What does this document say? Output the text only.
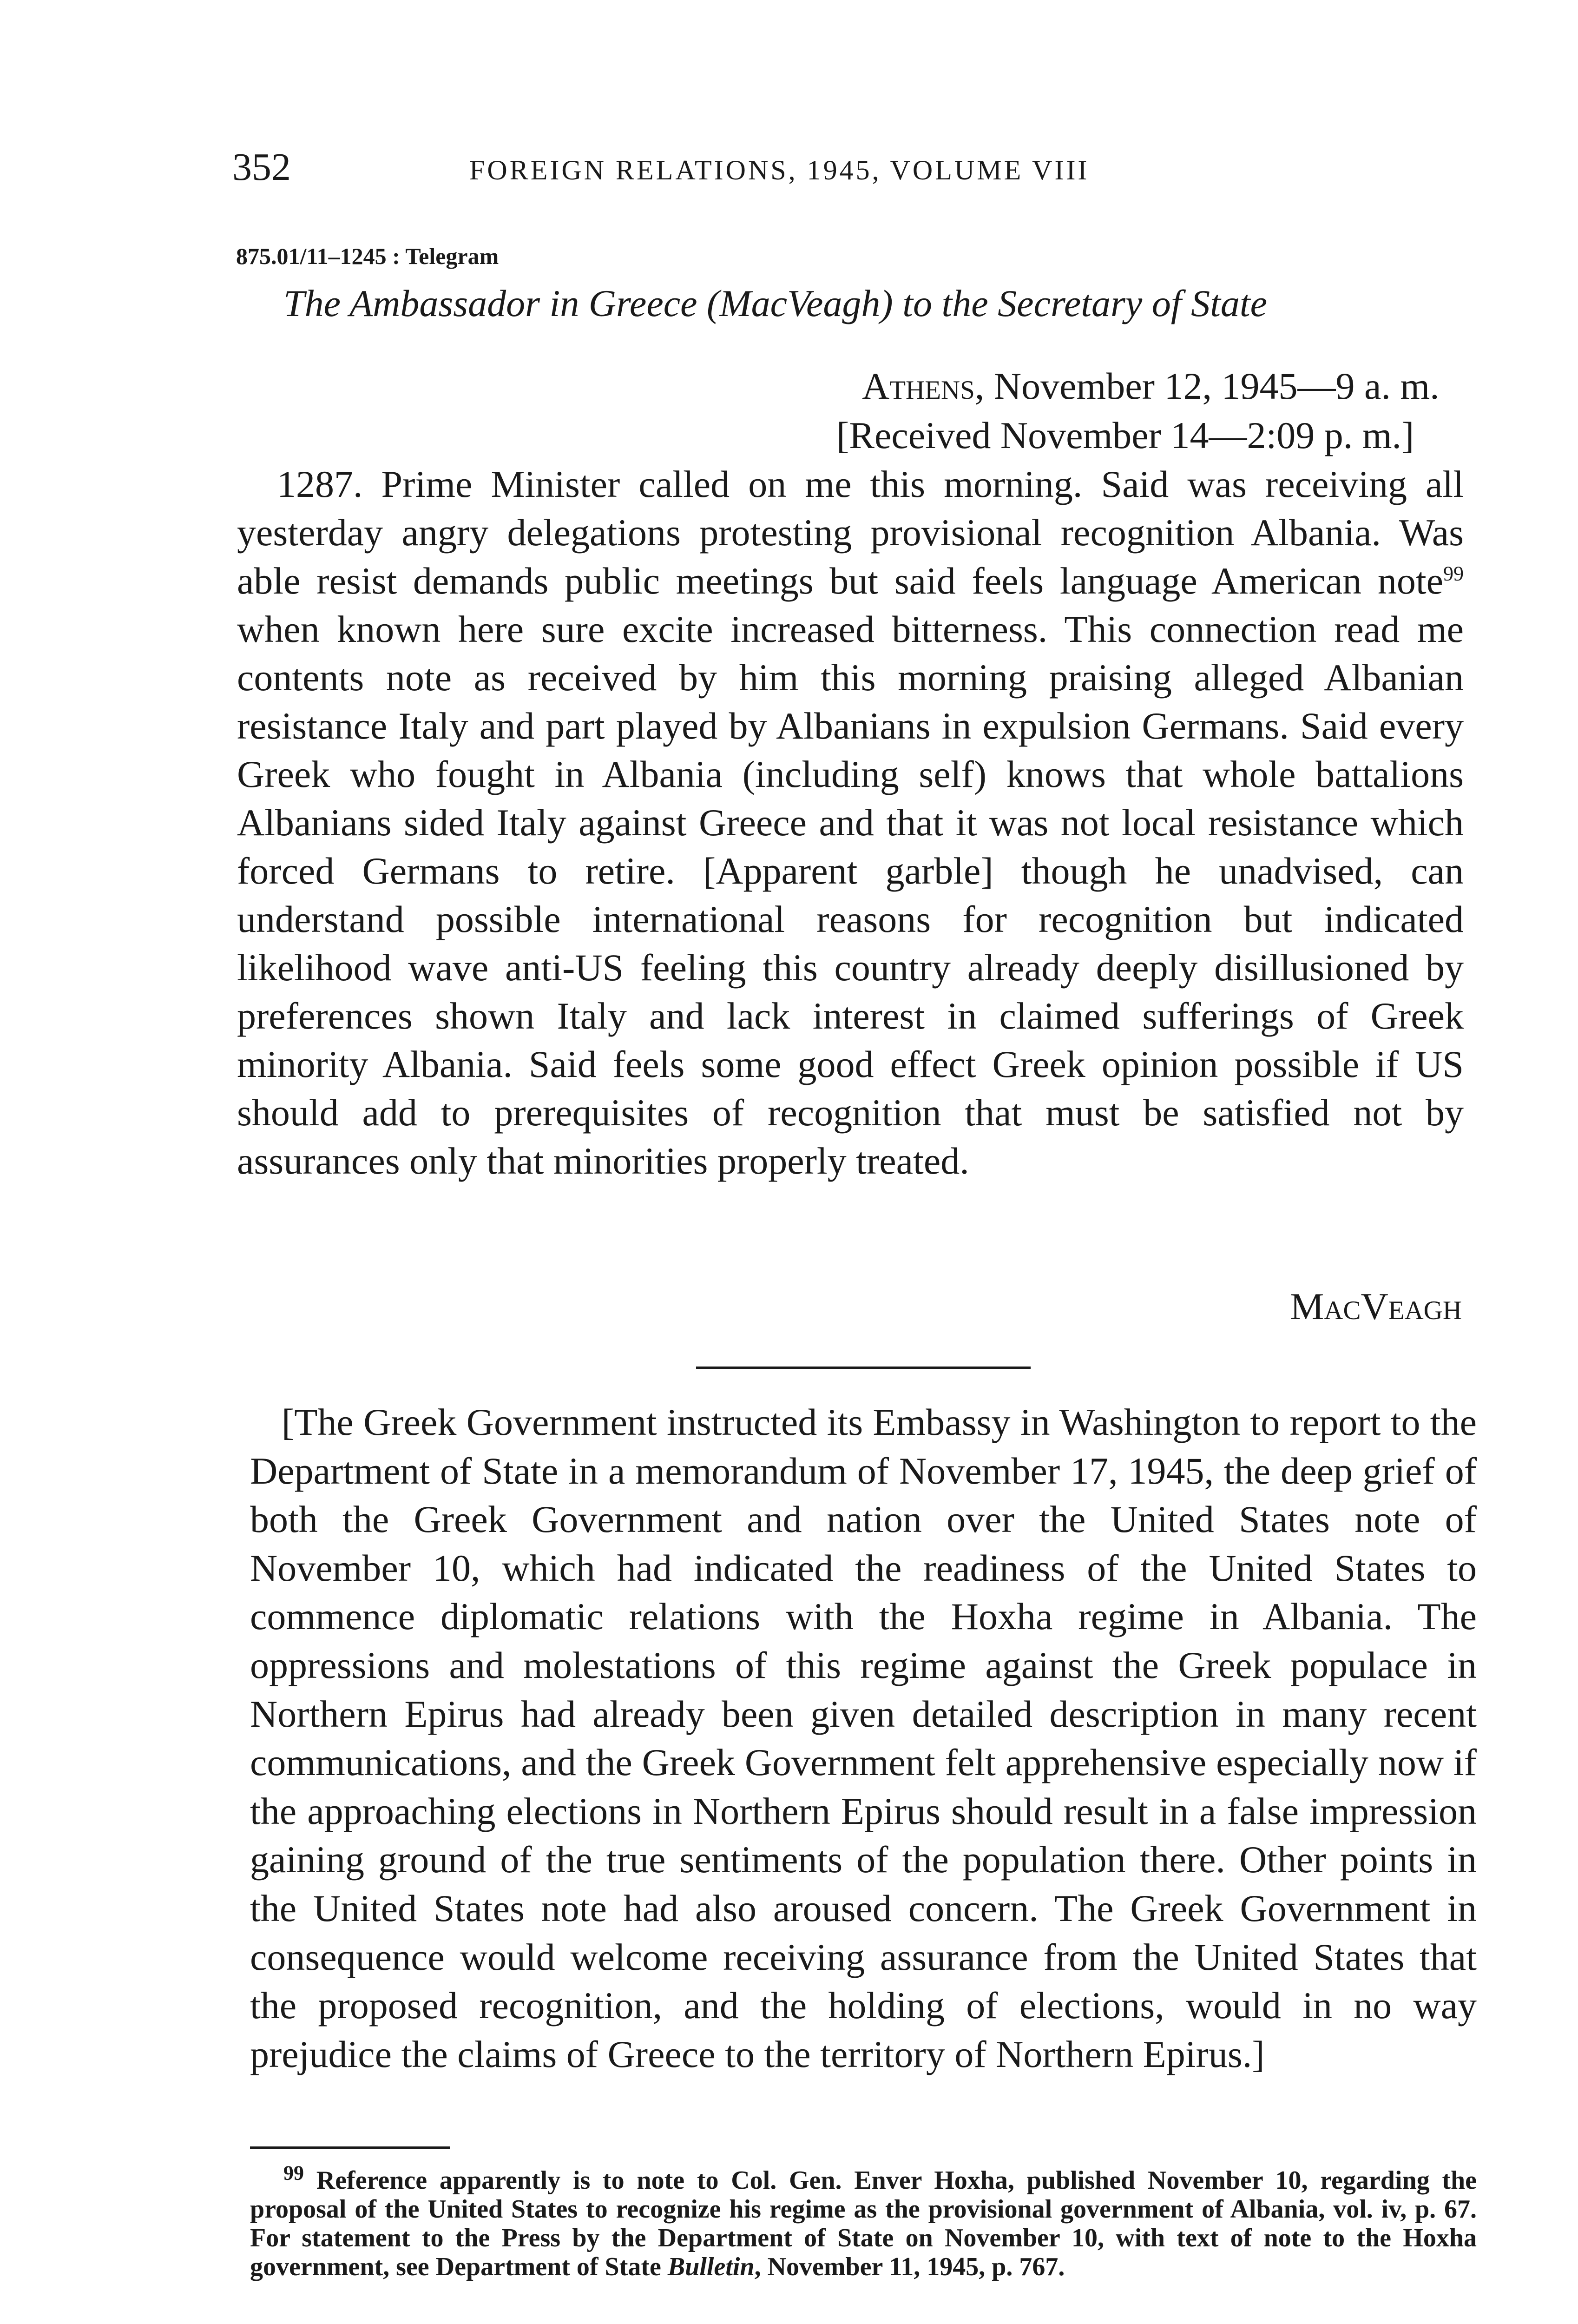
352	FOREIGN RELATIONS, 1945, VOLUME VIII
875.01/11–1245 : Telegram
The Ambassador in Greece (MacVeagh) to the Secretary of State
Athens, November 12, 1945—9 a. m.
[Received November 14—2:09 p. m.]

1287. Prime Minister called on me this morning. Said was receiving all yesterday angry delegations protesting provisional recognition Albania. Was able resist demands public meetings but said feels language American note$^{99}$ when known here sure excite increased bitterness. This connection read me contents note as received by him this morning praising alleged Albanian resistance Italy and part played by Albanians in expulsion Germans. Said every Greek who fought in Albania (including self) knows that whole battalions Albanians sided Italy against Greece and that it was not local resistance which forced Germans to retire. [Apparent garble] though he unadvised, can understand possible international reasons for recognition but indicated likelihood wave anti-US feeling this country already deeply disillusioned by preferences shown Italy and lack interest in claimed sufferings of Greek minority Albania. Said feels some good effect Greek opinion possible if US should add to prerequisites of recognition that must be satisfied not by assurances only that minorities properly treated.

MacVeagh

[The Greek Government instructed its Embassy in Washington to report to the Department of State in a memorandum of November 17, 1945, the deep grief of both the Greek Government and nation over the United States note of November 10, which had indicated the readiness of the United States to commence diplomatic relations with the Hoxha regime in Albania. The oppressions and molestations of this regime against the Greek populace in Northern Epirus had already been given detailed description in many recent communications, and the Greek Government felt apprehensive especially now if the approaching elections in Northern Epirus should result in a false impression gaining ground of the true sentiments of the population there. Other points in the United States note had also aroused concern. The Greek Government in consequence would welcome receiving assurance from the United States that the proposed recognition, and the holding of elections, would in no way prejudice the claims of Greece to the territory of Northern Epirus.]

$^{99}$ Reference apparently is to note to Col. Gen. Enver Hoxha, published November 10, regarding the proposal of the United States to recognize his regime as the provisional government of Albania, vol. iv, p. 67. For statement to the Press by the Department of State on November 10, with text of note to the Hoxha government, see Department of State Bulletin, November 11, 1945, p. 767.
